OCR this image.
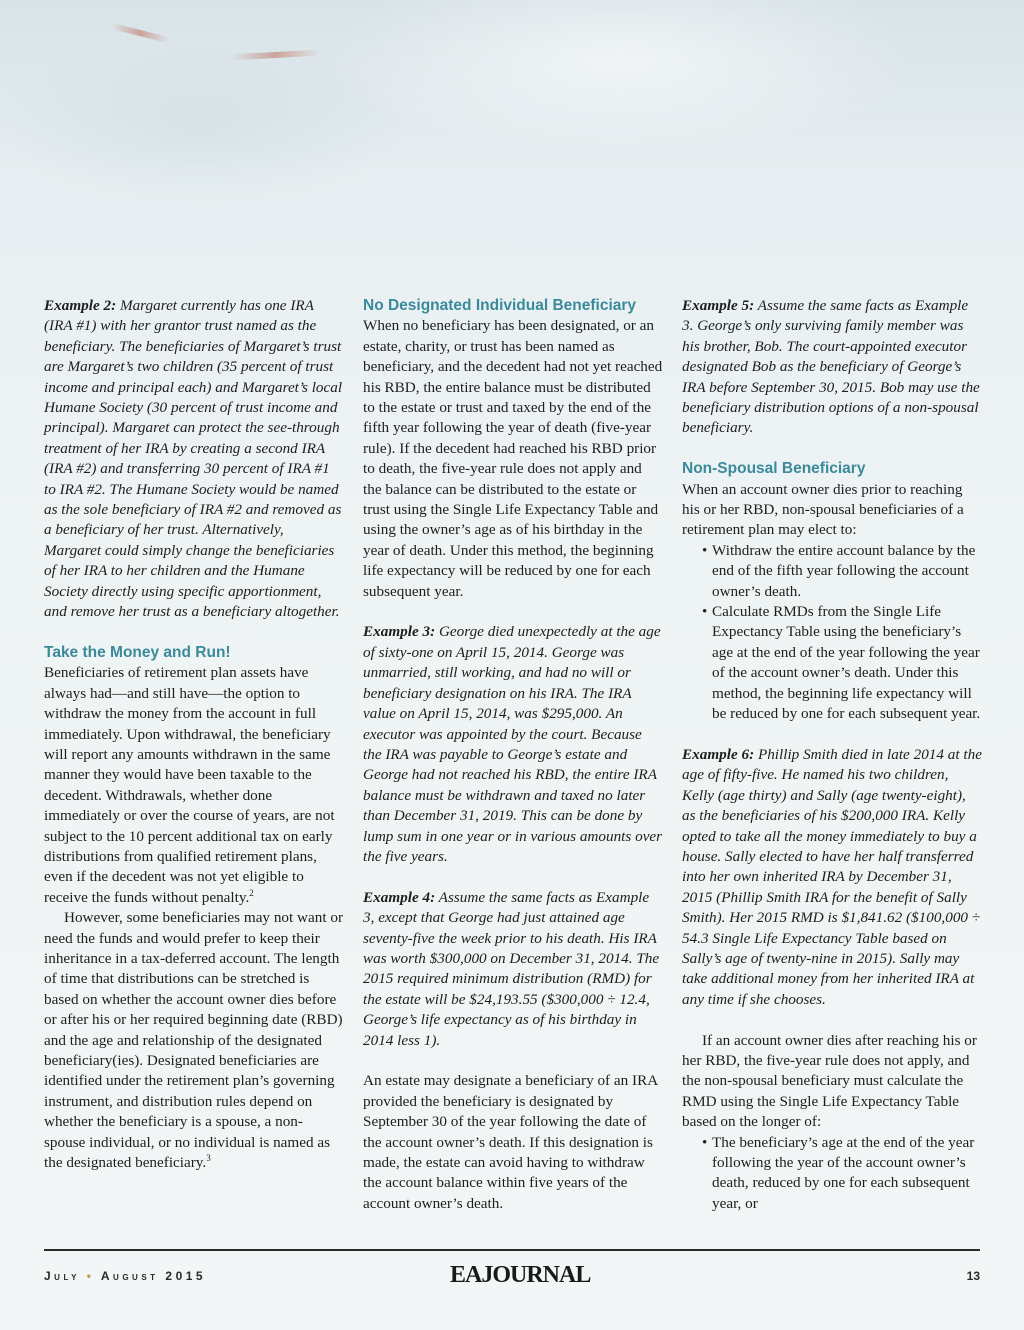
Example 2: Margaret currently has one IRA (IRA #1) with her grantor trust named as the beneficiary. The beneficiaries of Margaret’s trust are Margaret’s two children (35 percent of trust income and principal each) and Margaret’s local Humane Society (30 percent of trust income and principal). Margaret can protect the see-through treatment of her IRA by creating a second IRA (IRA #2) and transferring 30 percent of IRA #1 to IRA #2. The Humane Society would be named as the sole beneficiary of IRA #2 and removed as a beneficiary of her trust. Alternatively, Margaret could simply change the beneficiaries of her IRA to her children and the Humane Society directly using specific apportionment, and remove her trust as a beneficiary altogether.

Take the Money and Run!

Beneficiaries of retirement plan assets have always had—and still have—the option to withdraw the money from the account in full immediately. Upon withdrawal, the beneficiary will report any amounts withdrawn in the same manner they would have been taxable to the decedent. Withdrawals, whether done immediately or over the course of years, are not subject to the 10 percent additional tax on early distributions from qualified retirement plans, even if the decedent was not yet eligible to receive the funds without penalty.$^2$

However, some beneficiaries may not want or need the funds and would prefer to keep their inheritance in a tax-deferred account. The length of time that distributions can be stretched is based on whether the account owner dies before or after his or her required beginning date (RBD) and the age and relationship of the designated beneficiary(ies). Designated beneficiaries are identified under the retirement plan’s governing instrument, and distribution rules depend on whether the beneficiary is a spouse, a non-spouse individual, or no individual is named as the designated beneficiary.$^3$

No Designated Individual Beneficiary

When no beneficiary has been designated, or an estate, charity, or trust has been named as beneficiary, and the decedent had not yet reached his RBD, the entire balance must be distributed to the estate or trust and taxed by the end of the fifth year following the year of death (five-year rule). If the decedent had reached his RBD prior to death, the five-year rule does not apply and the balance can be distributed to the estate or trust using the Single Life Expectancy Table and using the owner’s age as of his birthday in the year of death. Under this method, the beginning life expectancy will be reduced by one for each subsequent year.

Example 3: George died unexpectedly at the age of sixty-one on April 15, 2014. George was unmarried, still working, and had no will or beneficiary designation on his IRA. The IRA value on April 15, 2014, was $295,000. An executor was appointed by the court. Because the IRA was payable to George’s estate and George had not reached his RBD, the entire IRA balance must be withdrawn and taxed no later than December 31, 2019. This can be done by lump sum in one year or in various amounts over the five years.

Example 4: Assume the same facts as Example 3, except that George had just attained age seventy-five the week prior to his death. His IRA was worth $300,000 on December 31, 2014. The 2015 required minimum distribution (RMD) for the estate will be $24,193.55 ($300,000 ÷ 12.4, George’s life expectancy as of his birthday in 2014 less 1).

An estate may designate a beneficiary of an IRA provided the beneficiary is designated by September 30 of the year following the date of the account owner’s death. If this designation is made, the estate can avoid having to withdraw the account balance within five years of the account owner’s death.

Example 5: Assume the same facts as Example 3. George’s only surviving family member was his brother, Bob. The court-appointed executor designated Bob as the beneficiary of George’s IRA before September 30, 2015. Bob may use the beneficiary distribution options of a non-spousal beneficiary.

Non-Spousal Beneficiary

When an account owner dies prior to reaching his or her RBD, non-spousal beneficiaries of a retirement plan may elect to:

• Withdraw the entire account balance by the end of the fifth year following the account owner’s death.
• Calculate RMDs from the Single Life Expectancy Table using the beneficiary’s age at the end of the year following the year of the account owner’s death. Under this method, the beginning life expectancy will be reduced by one for each subsequent year.

Example 6: Phillip Smith died in late 2014 at the age of fifty-five. He named his two children, Kelly (age thirty) and Sally (age twenty-eight), as the beneficiaries of his $200,000 IRA. Kelly opted to take all the money immediately to buy a house. Sally elected to have her half transferred into her own inherited IRA by December 31, 2015 (Phillip Smith IRA for the benefit of Sally Smith). Her 2015 RMD is $1,841.62 ($100,000 ÷ 54.3 Single Life Expectancy Table based on Sally’s age of twenty-nine in 2015). Sally may take additional money from her inherited IRA at any time if she chooses.

If an account owner dies after reaching his or her RBD, the five-year rule does not apply, and the non-spousal beneficiary must calculate the RMD using the Single Life Expectancy Table based on the longer of:

• The beneficiary’s age at the end of the year following the year of the account owner’s death, reduced by one for each subsequent year, or
July • August 2015	EAJOURNAL	13
